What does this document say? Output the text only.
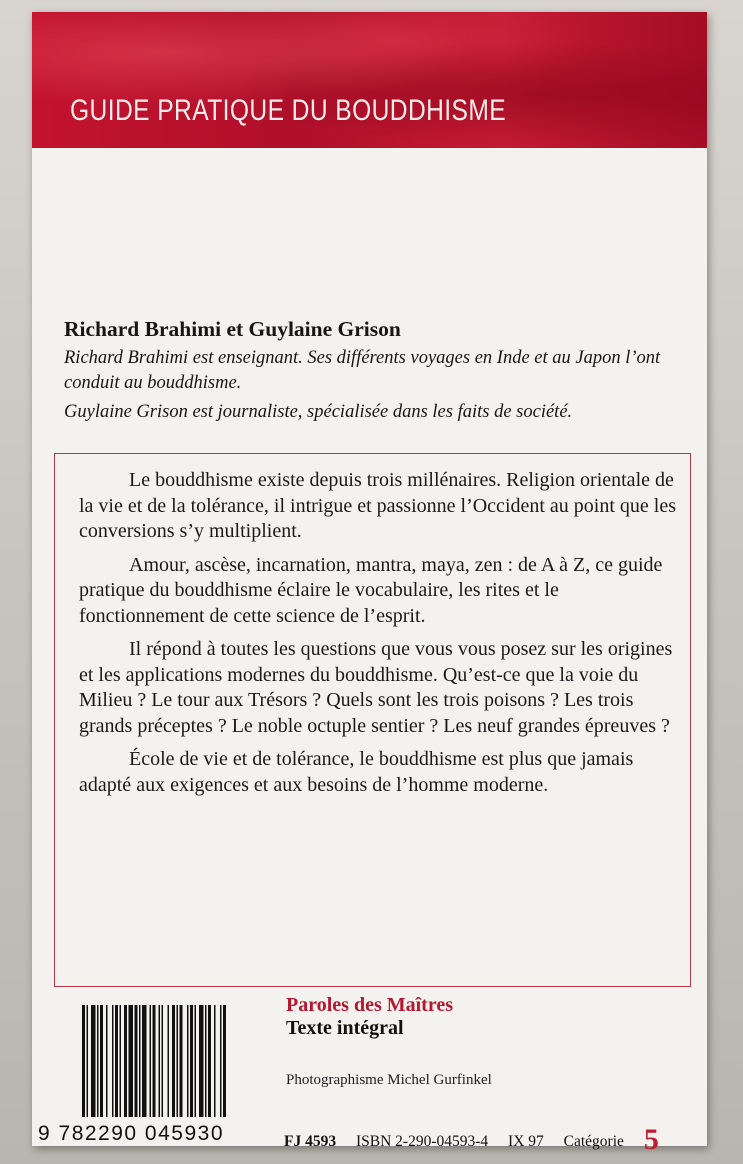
GUIDE PRATIQUE DU BOUDDHISME

Richard Brahimi et Guylaine Grison

Richard Brahimi est enseignant. Ses différents voyages en Inde et au Japon l’ont conduit au bouddhisme.

Guylaine Grison est journaliste, spécialisée dans les faits de société.

Le bouddhisme existe depuis trois millénaires. Religion orientale de la vie et de la tolérance, il intrigue et passionne l’Occident au point que les conversions s’y multiplient.

Amour, ascèse, incarnation, mantra, maya, zen : de A à Z, ce guide pratique du bouddhisme éclaire le vocabulaire, les rites et le fonctionnement de cette science de l’esprit.

Il répond à toutes les questions que vous vous posez sur les origines et les applications modernes du bouddhisme. Qu’est-ce que la voie du Milieu ? Le tour aux Trésors ? Quels sont les trois poisons ? Les trois grands préceptes ? Le noble octuple sentier ? Les neuf grandes épreuves ?

École de vie et de tolérance, le bouddhisme est plus que jamais adapté aux exigences et aux besoins de l’homme moderne.

9 782290 045930

Paroles des Maîtres

Texte intégral

Photographisme Michel Gurfinkel
FJ 4593 ISBN 2-290-04593-4 IX 97 Catégorie 5
